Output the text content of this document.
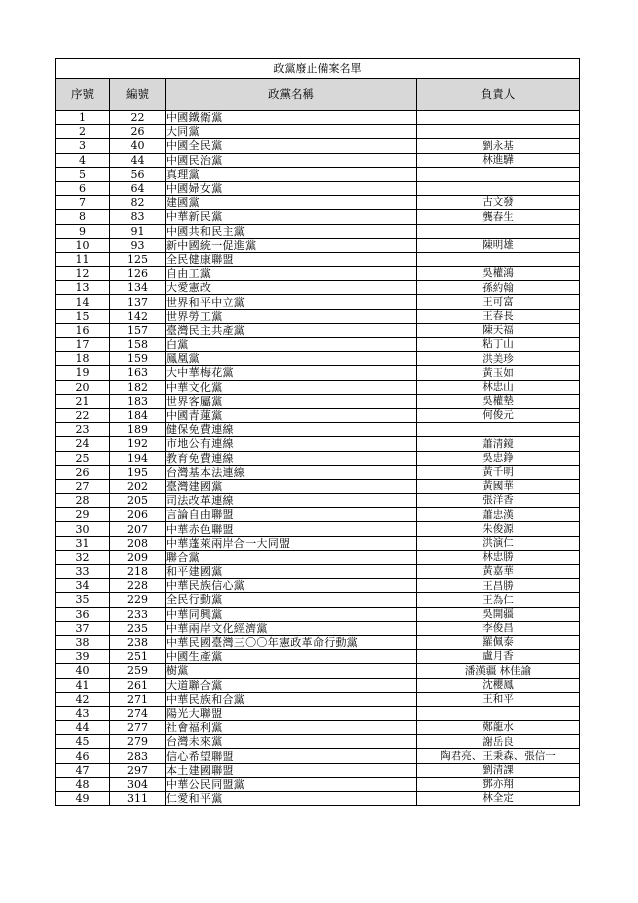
政黨廢止備案名單			
序號	編號	政黨名稱	負責人
1	22	中國鐵衛黨	
2	26	大同黨	
3	40	中國全民黨	劉永基
4	44	中國民治黨	林進驊
5	56	真理黨	
6	64	中國婦女黨	
7	82	建國黨	古文發
8	83	中華新民黨	龔春生
9	91	中國共和民主黨	
10	93	新中國統一促進黨	陳明雄
11	125	全民健康聯盟	
12	126	自由工黨	吳權鴻
13	134	大愛憲改	孫約翰
14	137	世界和平中立黨	王可富
15	142	世界勞工黨	王春長
16	157	臺灣民主共產黨	陳天福
17	158	白黨	粘丁山
18	159	鳳凰黨	洪美珍
19	163	大中華梅花黨	黃玉如
20	182	中華文化黨	林忠山
21	183	世界客屬黨	吳權墊
22	184	中國青蓮黨	何俊元
23	189	健保免費連線	
24	192	市地公有連線	蕭清鏡
25	194	教育免費連線	吳忠錚
26	195	台灣基本法連線	黃千明
27	202	臺灣建國黨	黃國華
28	205	司法改革連線	張洋香
29	206	言論自由聯盟	蕭忠漢
30	207	中華赤色聯盟	朱俊源
31	208	中華蓬萊兩岸合一大同盟	洪演仁
32	209	聯合黨	林忠勝
33	218	和平建國黨	黃嘉華
34	228	中華民族信心黨	王昌勝
35	229	全民行動黨	王為仁
36	233	中華同興黨	吳開疆
37	235	中華兩岸文化經濟黨	李俊昌
38	238	中華民國臺灣三〇〇年憲政革命行動黨	羅佩泰
39	251	中國生產黨	盧月香
40	259	樹黨	潘漢疆 林佳諭
41	261	大道聯合黨	沈櫻鳳
42	271	中華民族和合黨	王和平
43	274	陽光大聯盟	
44	277	社會福利黨	鄭龍水
45	279	台灣未來黨	謝岳良
46	283	信心希望聯盟	陶君亮、王秉森、張信一
47	297	本土建國聯盟	劉清課
48	304	中華公民同盟黨	鄧亦翔
49	311	仁愛和平黨	林全定
